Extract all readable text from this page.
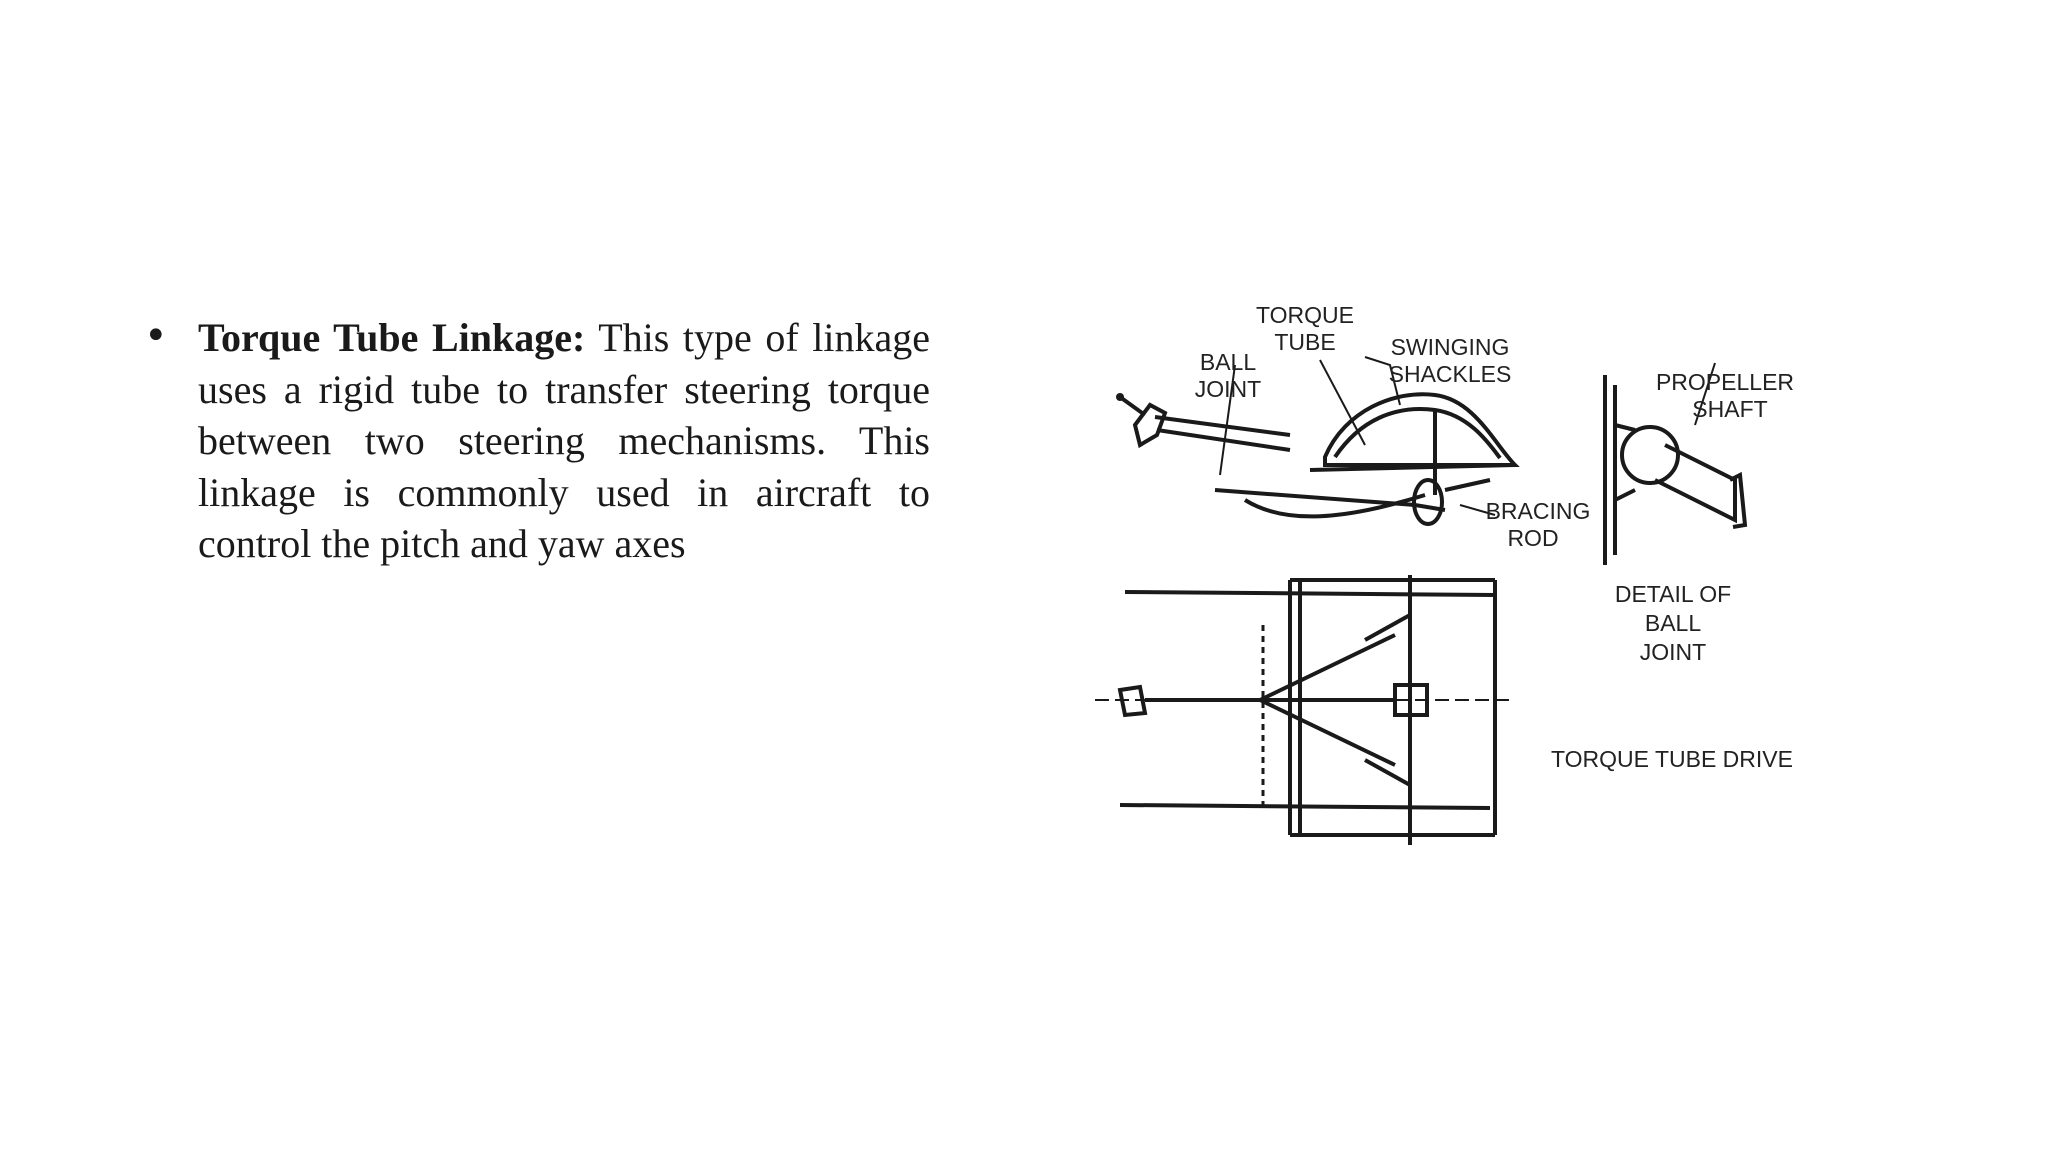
• Torque Tube Linkage: This type of linkage uses a rigid tube to transfer steering torque between two steering mechanisms. This linkage is commonly used in aircraft to control the pitch and yaw axes
TORQUE
TUBE
BALL
JOINT
SWINGING
SHACKLES	PROPELLER
SHAFT
BRACING
ROD
DETAIL OF
BALL
JOINT
TORQUE TUBE DRIVE
